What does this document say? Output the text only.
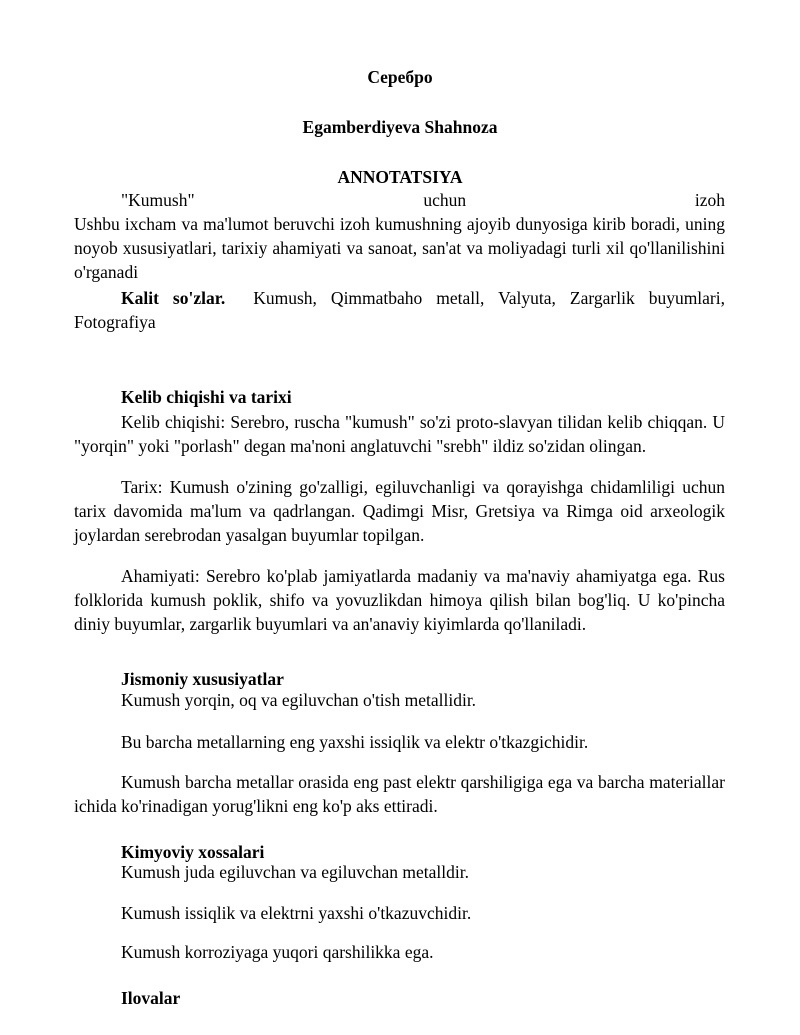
Серебро
Egamberdiyeva Shahnoza
ANNOTATSIYA
"Kumush"	uchun	izoh
Ushbu ixcham va ma'lumot beruvchi izoh kumushning ajoyib dunyosiga kirib boradi, uning noyob xususiyatlari, tarixiy ahamiyati va sanoat, san'at va moliyadagi turli xil qo'llanilishini o'rganadi
Kalit so'zlar. Kumush, Qimmatbaho metall, Valyuta, Zargarlik buyumlari, Fotografiya
Kelib chiqishi va tarixi
Kelib chiqishi: Serebro, ruscha "kumush" so'zi proto-slavyan tilidan kelib chiqqan. U "yorqin" yoki "porlash" degan ma'noni anglatuvchi "srebh" ildiz so'zidan olingan.
Tarix: Kumush o'zining go'zalligi, egiluvchanligi va qorayishga chidamliligi uchun tarix davomida ma'lum va qadrlangan. Qadimgi Misr, Gretsiya va Rimga oid arxeologik joylardan serebrodan yasalgan buyumlar topilgan.
Ahamiyati: Serebro ko'plab jamiyatlarda madaniy va ma'naviy ahamiyatga ega. Rus folklorida kumush poklik, shifo va yovuzlikdan himoya qilish bilan bog'liq. U ko'pincha diniy buyumlar, zargarlik buyumlari va an'anaviy kiyimlarda qo'llaniladi.
Jismoniy xususiyatlar
Kumush yorqin, oq va egiluvchan o'tish metallidir.
Bu barcha metallarning eng yaxshi issiqlik va elektr o'tkazgichidir.
Kumush barcha metallar orasida eng past elektr qarshiligiga ega va barcha materiallar ichida ko'rinadigan yorug'likni eng ko'p aks ettiradi.
Kimyoviy xossalari
Kumush juda egiluvchan va egiluvchan metalldir.
Kumush issiqlik va elektrni yaxshi o'tkazuvchidir.
Kumush korroziyaga yuqori qarshilikka ega.
Ilovalar
